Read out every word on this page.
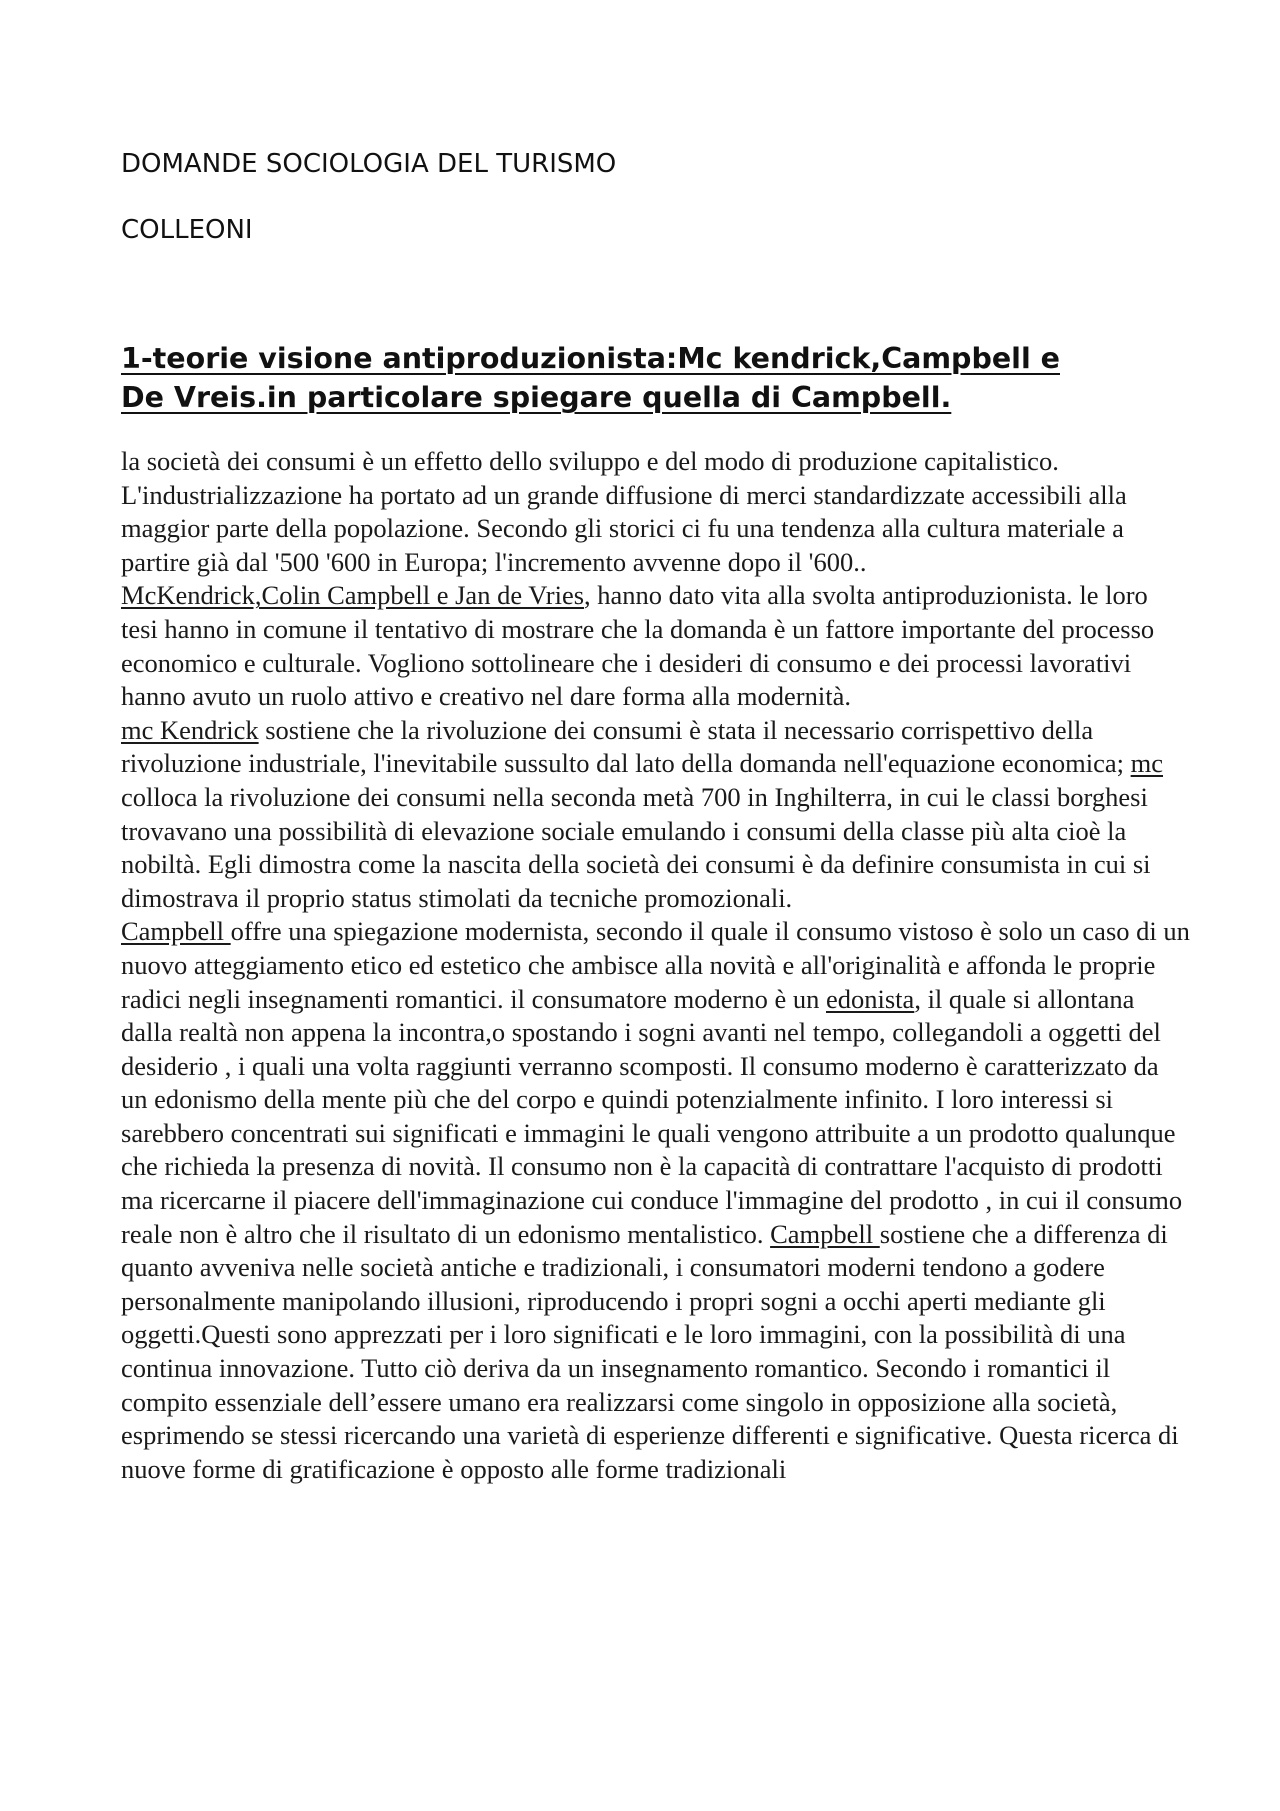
DOMANDE SOCIOLOGIA DEL TURISMO
COLLEONI
1-teorie visione antiproduzionista:Mc kendrick,Campbell e
De Vreis.in particolare spiegare quella di Campbell.

la società dei consumi è un effetto dello sviluppo e del modo di produzione capitalistico. L'industrializzazione ha portato ad un grande diffusione di merci standardizzate accessibili alla maggior parte della popolazione. Secondo gli storici ci fu una tendenza alla cultura materiale a partire già dal '500 '600 in Europa; l'incremento avvenne dopo il '600..

McKendrick,Colin Campbell e Jan de Vries, hanno dato vita alla svolta antiproduzionista. le loro tesi hanno in comune il tentativo di mostrare che la domanda è un fattore importante del processo economico e culturale. Vogliono sottolineare che i desideri di consumo e dei processi lavorativi hanno avuto un ruolo attivo e creativo nel dare forma alla modernità.

mc Kendrick sostiene che la rivoluzione dei consumi è stata il necessario corrispettivo della rivoluzione industriale, l'inevitabile sussulto dal lato della domanda nell'equazione economica; mc colloca la rivoluzione dei consumi nella seconda metà 700 in Inghilterra, in cui le classi borghesi trovavano una possibilità di elevazione sociale emulando i consumi della classe più alta cioè la nobiltà. Egli dimostra come la nascita della società dei consumi è da definire consumista in cui si dimostrava il proprio status stimolati da tecniche promozionali.

Campbell offre una spiegazione modernista, secondo il quale il consumo vistoso è solo un caso di un nuovo atteggiamento etico ed estetico che ambisce alla novità e all'originalità e affonda le proprie radici negli insegnamenti romantici. il consumatore moderno è un edonista, il quale si allontana dalla realtà non appena la incontra,o spostando i sogni avanti nel tempo, collegandoli a oggetti del desiderio , i quali una volta raggiunti verranno scomposti. Il consumo moderno è caratterizzato da un edonismo della mente più che del corpo e quindi potenzialmente infinito. I loro interessi si sarebbero concentrati sui significati e immagini le quali vengono attribuite a un prodotto qualunque che richieda la presenza di novità. Il consumo non è la capacità di contrattare l'acquisto di prodotti ma ricercarne il piacere dell'immaginazione cui conduce l'immagine del prodotto , in cui il consumo reale non è altro che il risultato di un edonismo mentalistico. Campbell sostiene che a differenza di quanto avveniva nelle società antiche e tradizionali, i consumatori moderni tendono a godere personalmente manipolando illusioni, riproducendo i propri sogni a occhi aperti mediante gli oggetti.Questi sono apprezzati per i loro significati e le loro immagini, con la possibilità di una continua innovazione. Tutto ciò deriva da un insegnamento romantico. Secondo i romantici il compito essenziale dell’essere umano era realizzarsi come singolo in opposizione alla società, esprimendo se stessi ricercando una varietà di esperienze differenti e significative. Questa ricerca di nuove forme di gratificazione è opposto alle forme tradizionali
